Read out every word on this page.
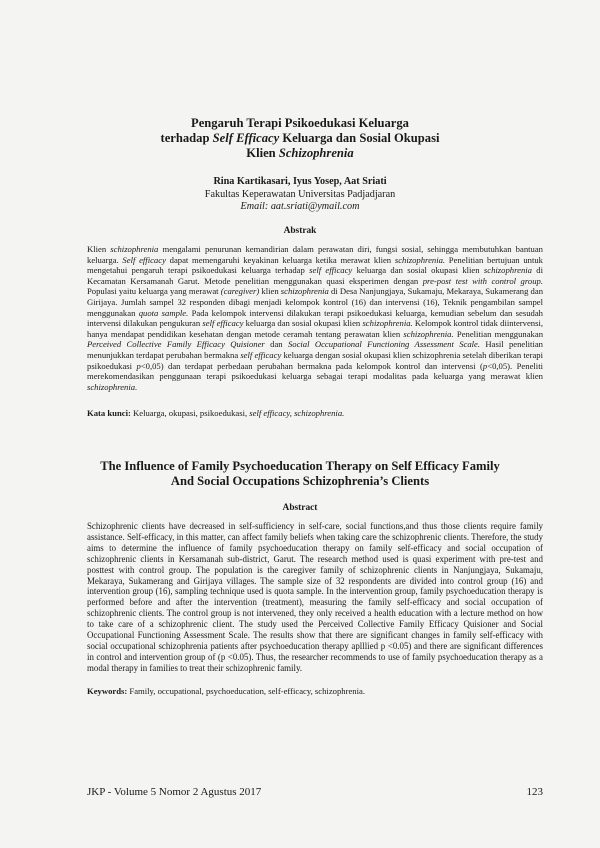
Pengaruh Terapi Psikoedukasi Keluarga
terhadap Self Efficacy Keluarga dan Sosial Okupasi
Klien Schizophrenia
Rina Kartikasari, Iyus Yosep, Aat Sriati
Fakultas Keperawatan Universitas Padjadjaran
Email: aat.sriati@ymail.com
Abstrak
Klien schizophrenia mengalami penurunan kemandirian dalam perawatan diri, fungsi sosial, sehingga membutuhkan bantuan keluarga. Self efficacy dapat memengaruhi keyakinan keluarga ketika merawat klien schizophrenia. Penelitian bertujuan untuk mengetahui pengaruh terapi psikoedukasi keluarga terhadap self efficacy keluarga dan sosial okupasi klien schizophrenia di Kecamatan Kersamanah Garut. Metode penelitian menggunakan quasi eksperimen dengan pre-post test with control group. Populasi yaitu keluarga yang merawat (caregiver) klien schizophrenia di Desa Nanjungjaya, Sukamaju, Mekaraya, Sukamerang dan Girijaya. Jumlah sampel 32 responden dibagi menjadi kelompok kontrol (16) dan intervensi (16), Teknik pengambilan sampel menggunakan quota sample. Pada kelompok intervensi dilakukan terapi psikoedukasi keluarga, kemudian sebelum dan sesudah intervensi dilakukan pengukuran self efficacy keluarga dan sosial okupasi klien schizophrenia. Kelompok kontrol tidak diintervensi, hanya mendapat pendidikan kesehatan dengan metode ceramah tentang perawatan klien schizophrenia. Penelitian menggunakan Perceived Collective Family Efficacy Quisioner dan Social Occupational Functioning Assessment Scale. Hasil penelitian menunjukkan terdapat perubahan bermakna self efficacy keluarga dengan sosial okupasi klien schizophrenia setelah diberikan terapi psikoedukasi p<0,05) dan terdapat perbedaan perubahan bermakna pada kelompok kontrol dan intervensi (p<0,05). Peneliti merekomendasikan penggunaan terapi psikoedukasi keluarga sebagai terapi modalitas pada keluarga yang merawat klien schizophrenia.
Kata kunci: Keluarga, okupasi, psikoedukasi, self efficacy, schizophrenia.
The Influence of Family Psychoeducation Therapy on Self Efficacy Family
And Social Occupations Schizophrenia’s Clients
Abstract
Schizophrenic clients have decreased in self-sufficiency in self-care, social functions,and thus those clients require family assistance. Self-efficacy, in this matter, can affect family beliefs when taking care the schizophrenic clients. Therefore, the study aims to determine the influence of family psychoeducation therapy on family self-efficacy and social occupation of schizophrenic clients in Kersamanah sub-district, Garut. The research method used is quasi experiment with pre-test and posttest with control group. The population is the caregiver family of schizophrenic clients in Nanjungjaya, Sukamaju, Mekaraya, Sukamerang and Girijaya villages. The sample size of 32 respondents are divided into control group (16) and intervention group (16), sampling technique used is quota sample. In the intervention group, family psychoeducation therapy is performed before and after the intervention (treatment), measuring the family self-efficacy and social occupation of schizophrenic clients. The control group is not intervened, they only received a health education with a lecture method on how to take care of a schizophrenic client. The study used the Perceived Collective Family Efficacy Quisioner and Social Occupational Functioning Assessment Scale. The results show that there are significant changes in family self-efficacy with social occupational schizophrenia patients after psychoeducation therapy aplllied p <0.05) and there are significant differences in control and intervention group of (p <0.05). Thus, the researcher recommends to use of family psychoeducation therapy as a modal therapy in families to treat their schizophrenic family.
Keywords: Family, occupational, psychoeducation, self-efficacy, schizophrenia.
JKP - Volume 5 Nomor 2 Agustus 2017	123
